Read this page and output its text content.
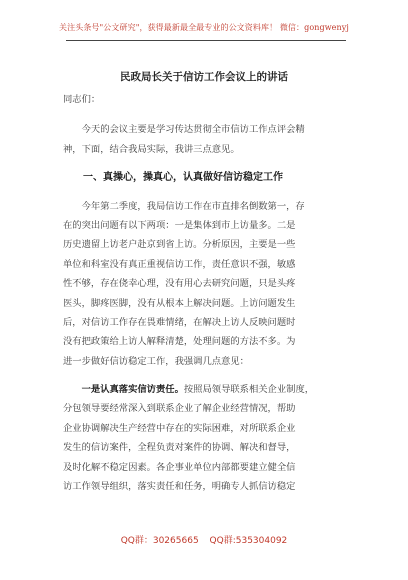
关注头条号"公文研究"，获得最新最全最专业的公文资料库！ 微信：gongwenyj
民政局长关于信访工作会议上的讲话
同志们：
今天的会议主要是学习传达贯彻全市信访工作点评会精
神，下面，结合我局实际，我讲三点意见。
一、真操心，操真心，认真做好信访稳定工作
今年第二季度，我局信访工作在市直排名倒数第一，存
在的突出问题有以下两项：一是集体到市上访量多。二是
历史遗留上访老户赴京到省上访。分析原因，主要是一些
单位和科室没有真正重视信访工作，责任意识不强，敏感
性不够，存在侥幸心理，没有用心去研究问题，只是头疼
医头，脚疼医脚，没有从根本上解决问题。上访问题发生
后，对信访工作存在畏难情绪，在解决上访人反映问题时
没有把政策给上访人解释清楚，处理问题的方法不多。为
进一步做好信访稳定工作，我强调几点意见：
一是认真落实信访责任。按照局领导联系相关企业制度，
分包领导要经常深入到联系企业了解企业经营情况，帮助
企业协调解决生产经营中存在的实际困难，对所联系企业
发生的信访案件，全程负责对案件的协调、解决和督导，
及时化解不稳定因素。各企事业单位内部都要建立健全信
访工作领导组织，落实责任和任务，明确专人抓信访稳定
QQ群：30265665 QQ群:535304092
